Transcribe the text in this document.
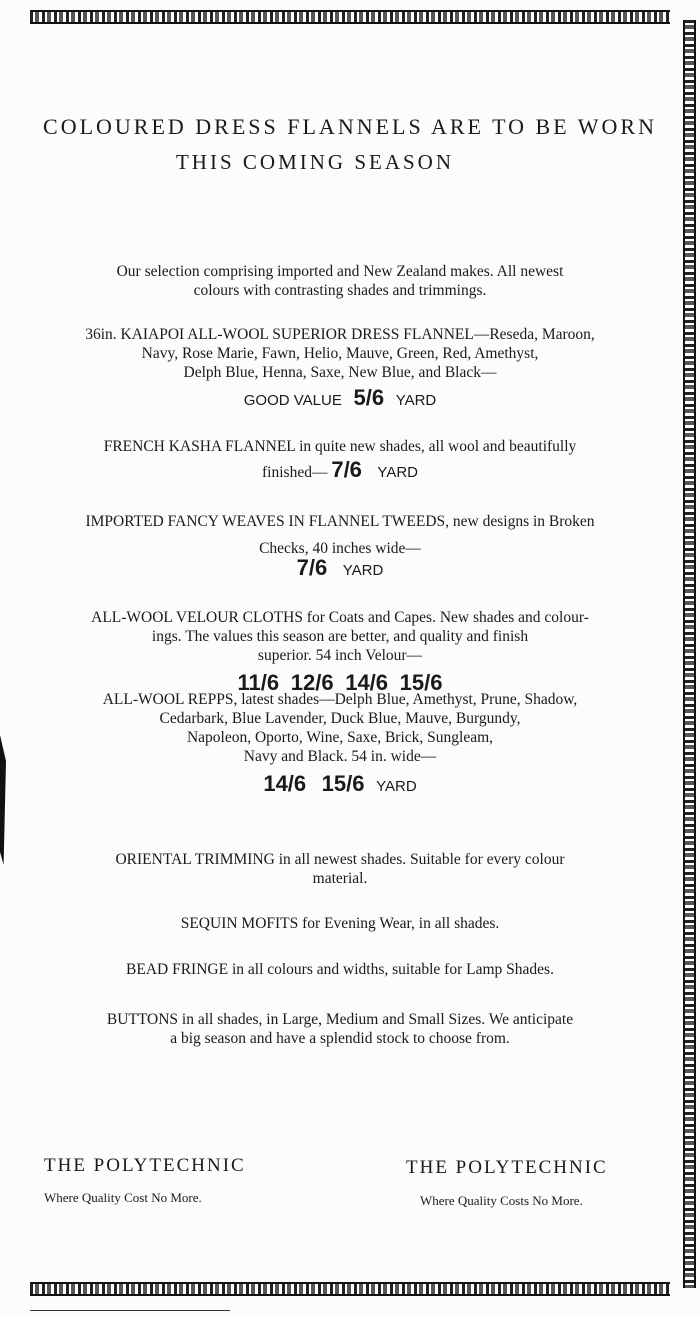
COLOURED DRESS FLANNELS ARE TO BE WORN
THIS COMING SEASON
Our selection comprising imported and New Zealand makes. All newest
colours with contrasting shades and trimmings.
36in. KAIAPOI ALL-WOOL SUPERIOR DRESS FLANNEL—Reseda, Maroon,
Navy, Rose Marie, Fawn, Helio, Mauve, Green, Red, Amethyst,
Delph Blue, Henna, Saxe, New Blue, and Black—
GOOD VALUE 5/6 YARD
FRENCH KASHA FLANNEL in quite new shades, all wool and beautifully
finished— 7/6 YARD
IMPORTED FANCY WEAVES IN FLANNEL TWEEDS, new designs in Broken
Checks, 40 inches wide—
7/6 YARD
ALL-WOOL VELOUR CLOTHS for Coats and Capes. New shades and colour-
ings. The values this season are better, and quality and finish
superior. 54 inch Velour—
11/6 12/6 14/6 15/6
ALL-WOOL REPPS, latest shades—Delph Blue, Amethyst, Prune, Shadow,
Cedarbark, Blue Lavender, Duck Blue, Mauve, Burgundy,
Napoleon, Oporto, Wine, Saxe, Brick, Sungleam,
Navy and Black. 54 in. wide—
14/6 15/6 YARD
ORIENTAL TRIMMING in all newest shades. Suitable for every colour
material.
SEQUIN MOFITS for Evening Wear, in all shades.
BEAD FRINGE in all colours and widths, suitable for Lamp Shades.
BUTTONS in all shades, in Large, Medium and Small Sizes. We anticipate
a big season and have a splendid stock to choose from.
THE POLYTECHNIC
Where Quality Cost No More.
THE POLYTECHNIC
Where Quality Costs No More.
